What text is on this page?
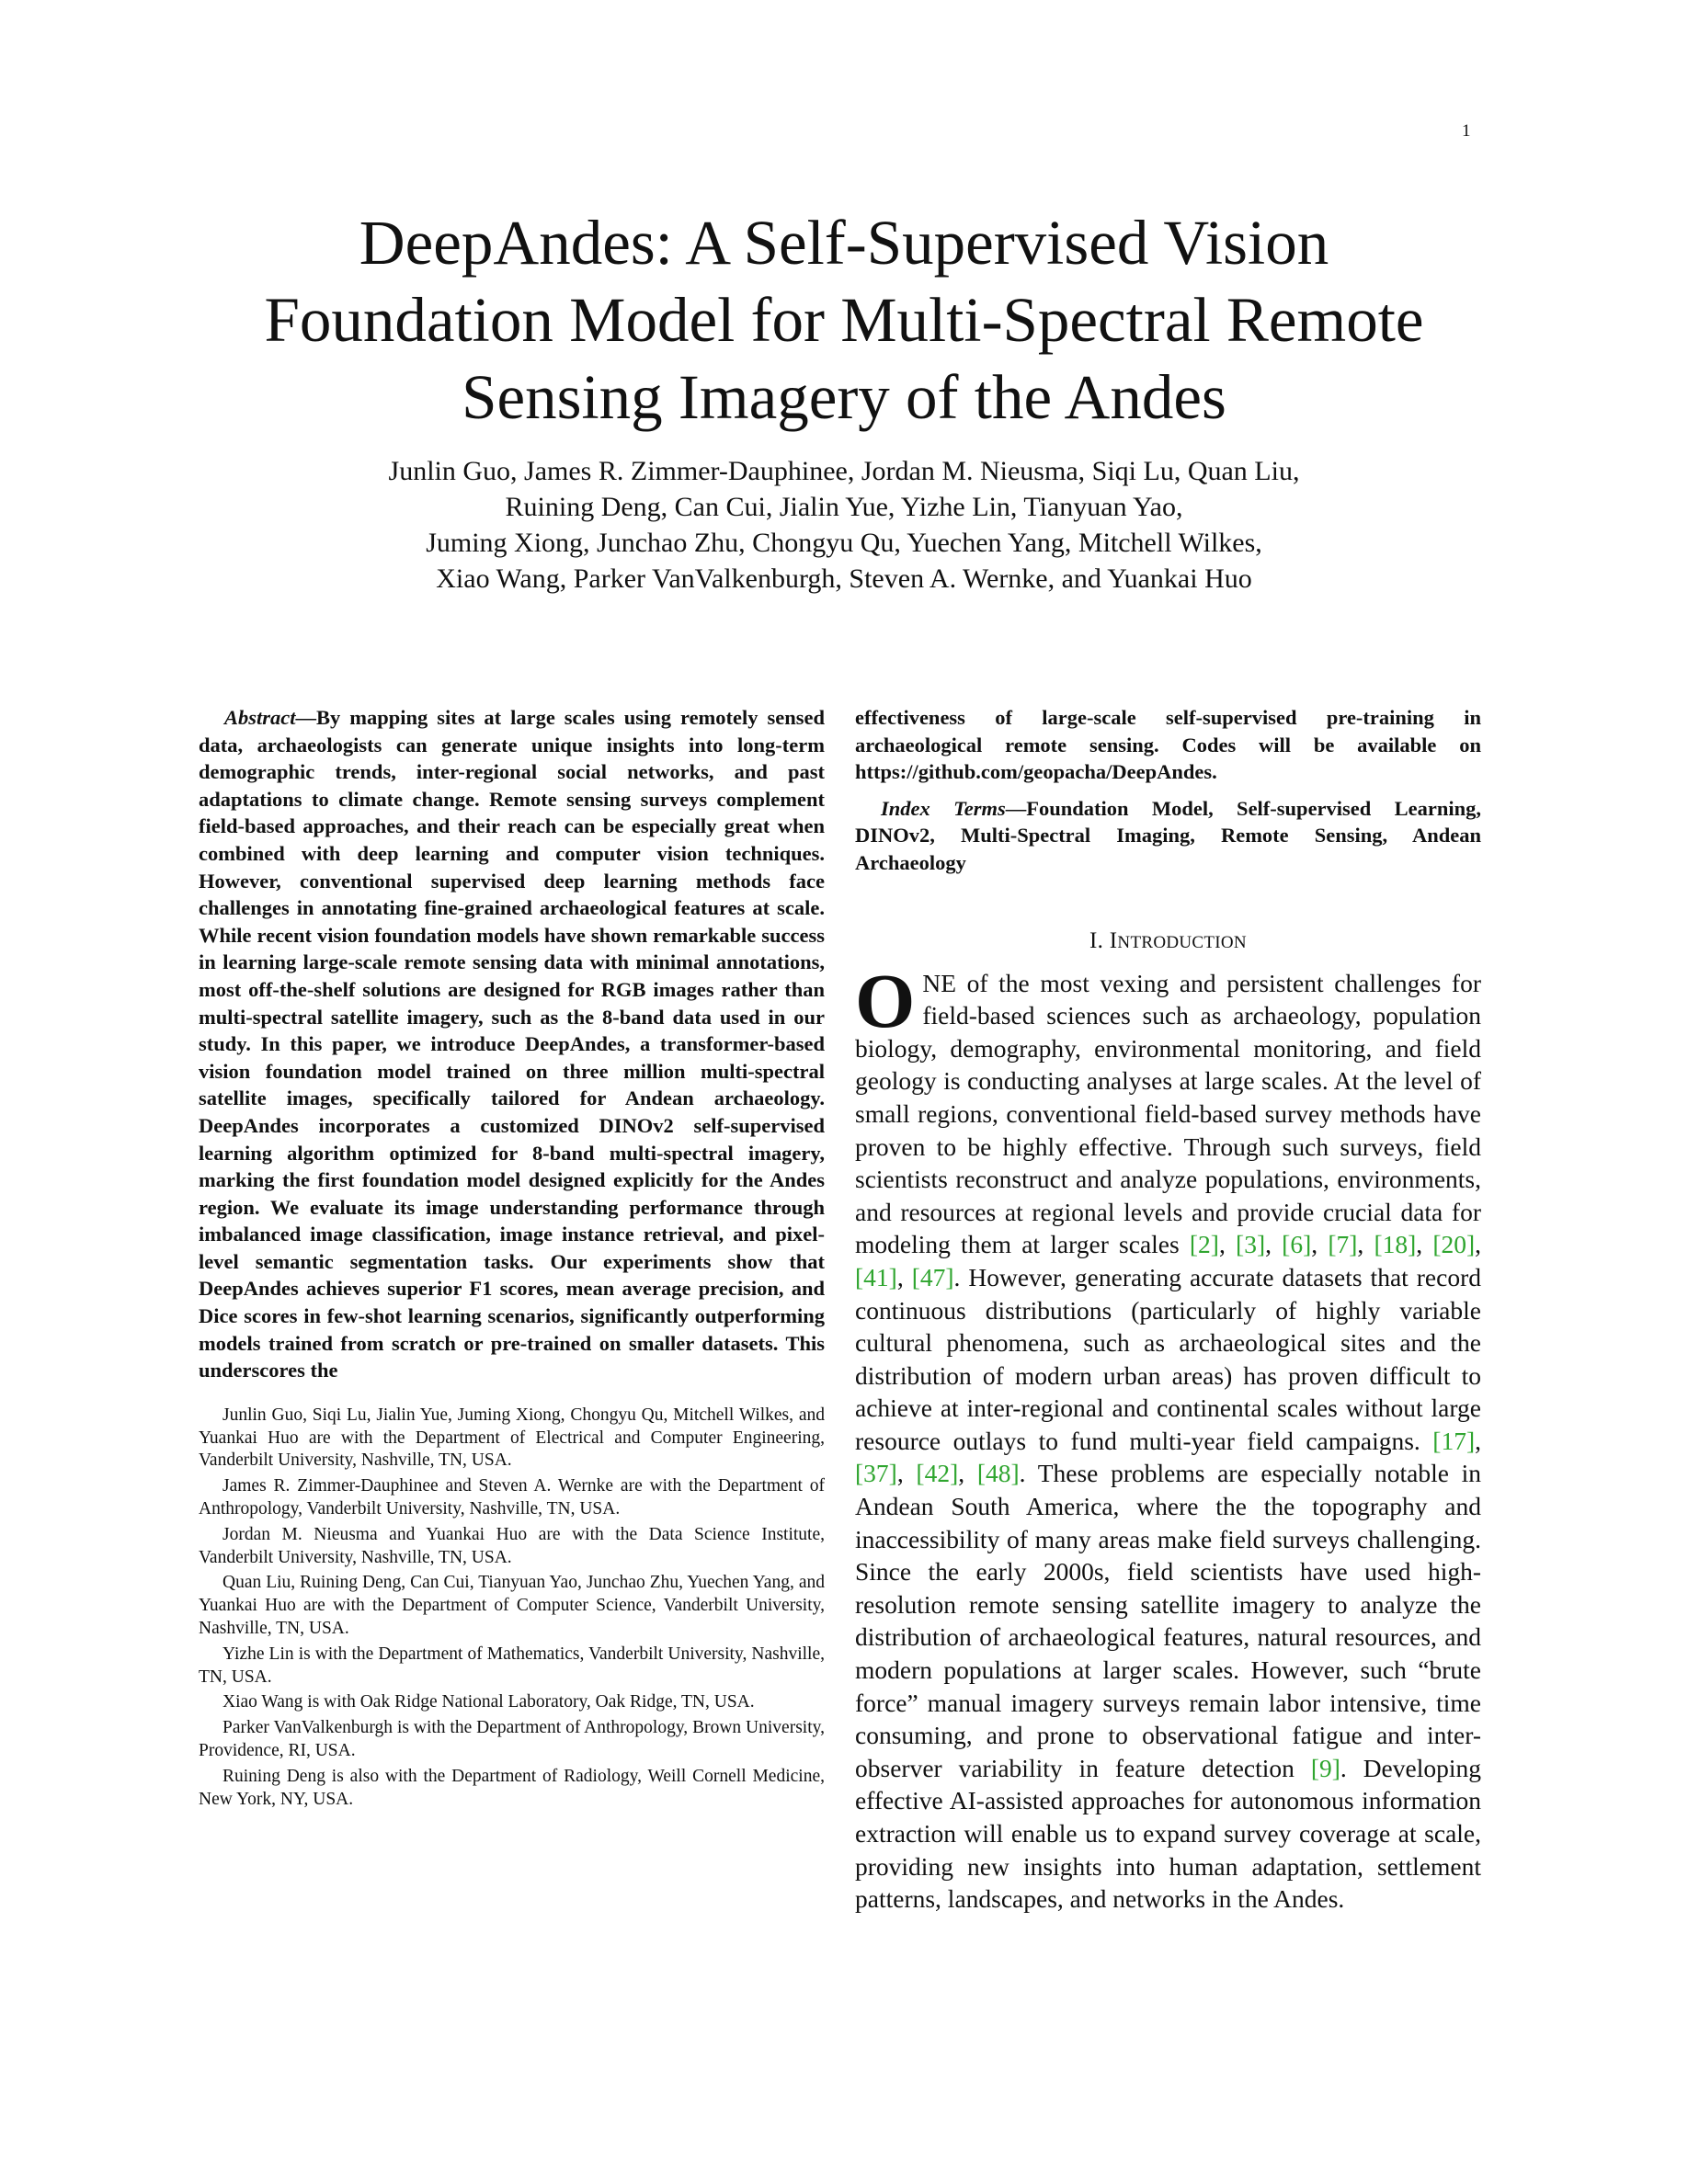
1
DeepAndes: A Self-Supervised Vision
Foundation Model for Multi-Spectral Remote
Sensing Imagery of the Andes
Junlin Guo, James R. Zimmer-Dauphinee, Jordan M. Nieusma, Siqi Lu, Quan Liu,
Ruining Deng, Can Cui, Jialin Yue, Yizhe Lin, Tianyuan Yao,
Juming Xiong, Junchao Zhu, Chongyu Qu, Yuechen Yang, Mitchell Wilkes,
Xiao Wang, Parker VanValkenburgh, Steven A. Wernke, and Yuankai Huo

Abstract—By mapping sites at large scales using remotely sensed data, archaeologists can generate unique insights into long-term demographic trends, inter-regional social networks, and past adaptations to climate change. Remote sensing surveys complement field-based approaches, and their reach can be especially great when combined with deep learning and computer vision techniques. However, conventional supervised deep learning methods face challenges in annotating fine-grained archaeological features at scale. While recent vision foundation models have shown remarkable success in learning large-scale remote sensing data with minimal annotations, most off-the-shelf solutions are designed for RGB images rather than multi-spectral satellite imagery, such as the 8-band data used in our study. In this paper, we introduce DeepAndes, a transformer-based vision foundation model trained on three million multi-spectral satellite images, specifically tailored for Andean archaeology. DeepAndes incorporates a customized DINOv2 self-supervised learning algorithm optimized for 8-band multi-spectral imagery, marking the first foundation model designed explicitly for the Andes region. We evaluate its image understanding performance through imbalanced image classification, image instance retrieval, and pixel-level semantic segmentation tasks. Our experiments show that DeepAndes achieves superior F1 scores, mean average precision, and Dice scores in few-shot learning scenarios, significantly outperforming models trained from scratch or pre-trained on smaller datasets. This underscores the

Junlin Guo, Siqi Lu, Jialin Yue, Juming Xiong, Chongyu Qu, Mitchell Wilkes, and Yuankai Huo are with the Department of Electrical and Computer Engineering, Vanderbilt University, Nashville, TN, USA.

James R. Zimmer-Dauphinee and Steven A. Wernke are with the Department of Anthropology, Vanderbilt University, Nashville, TN, USA.

Jordan M. Nieusma and Yuankai Huo are with the Data Science Institute, Vanderbilt University, Nashville, TN, USA.

Quan Liu, Ruining Deng, Can Cui, Tianyuan Yao, Junchao Zhu, Yuechen Yang, and Yuankai Huo are with the Department of Computer Science, Vanderbilt University, Nashville, TN, USA.

Yizhe Lin is with the Department of Mathematics, Vanderbilt University, Nashville, TN, USA.

Xiao Wang is with Oak Ridge National Laboratory, Oak Ridge, TN, USA.

Parker VanValkenburgh is with the Department of Anthropology, Brown University, Providence, RI, USA.

Ruining Deng is also with the Department of Radiology, Weill Cornell Medicine, New York, NY, USA.

effectiveness of large-scale self-supervised pre-training in archaeological remote sensing. Codes will be available on https://github.com/geopacha/DeepAndes.

Index Terms—Foundation Model, Self-supervised Learning, DINOv2, Multi-Spectral Imaging, Remote Sensing, Andean Archaeology

I. INTRODUCTION

ONE of the most vexing and persistent challenges for field-based sciences such as archaeology, population biology, demography, environmental monitoring, and field geology is conducting analyses at large scales. At the level of small regions, conventional field-based survey methods have proven to be highly effective. Through such surveys, field scientists reconstruct and analyze populations, environments, and resources at regional levels and provide crucial data for modeling them at larger scales [2], [3], [6], [7], [18], [20], [41], [47]. However, generating accurate datasets that record continuous distributions (particularly of highly variable cultural phenomena, such as archaeological sites and the distribution of modern urban areas) has proven difficult to achieve at inter-regional and continental scales without large resource outlays to fund multi-year field campaigns. [17], [37], [42], [48]. These problems are especially notable in Andean South America, where the the topography and inaccessibility of many areas make field surveys challenging. Since the early 2000s, field scientists have used high-resolution remote sensing satellite imagery to analyze the distribution of archaeological features, natural resources, and modern populations at larger scales. However, such “brute force” manual imagery surveys remain labor intensive, time consuming, and prone to observational fatigue and inter-observer variability in feature detection [9]. Developing effective AI-assisted approaches for autonomous information extraction will enable us to expand survey coverage at scale, providing new insights into human adaptation, settlement patterns, landscapes, and networks in the Andes.
